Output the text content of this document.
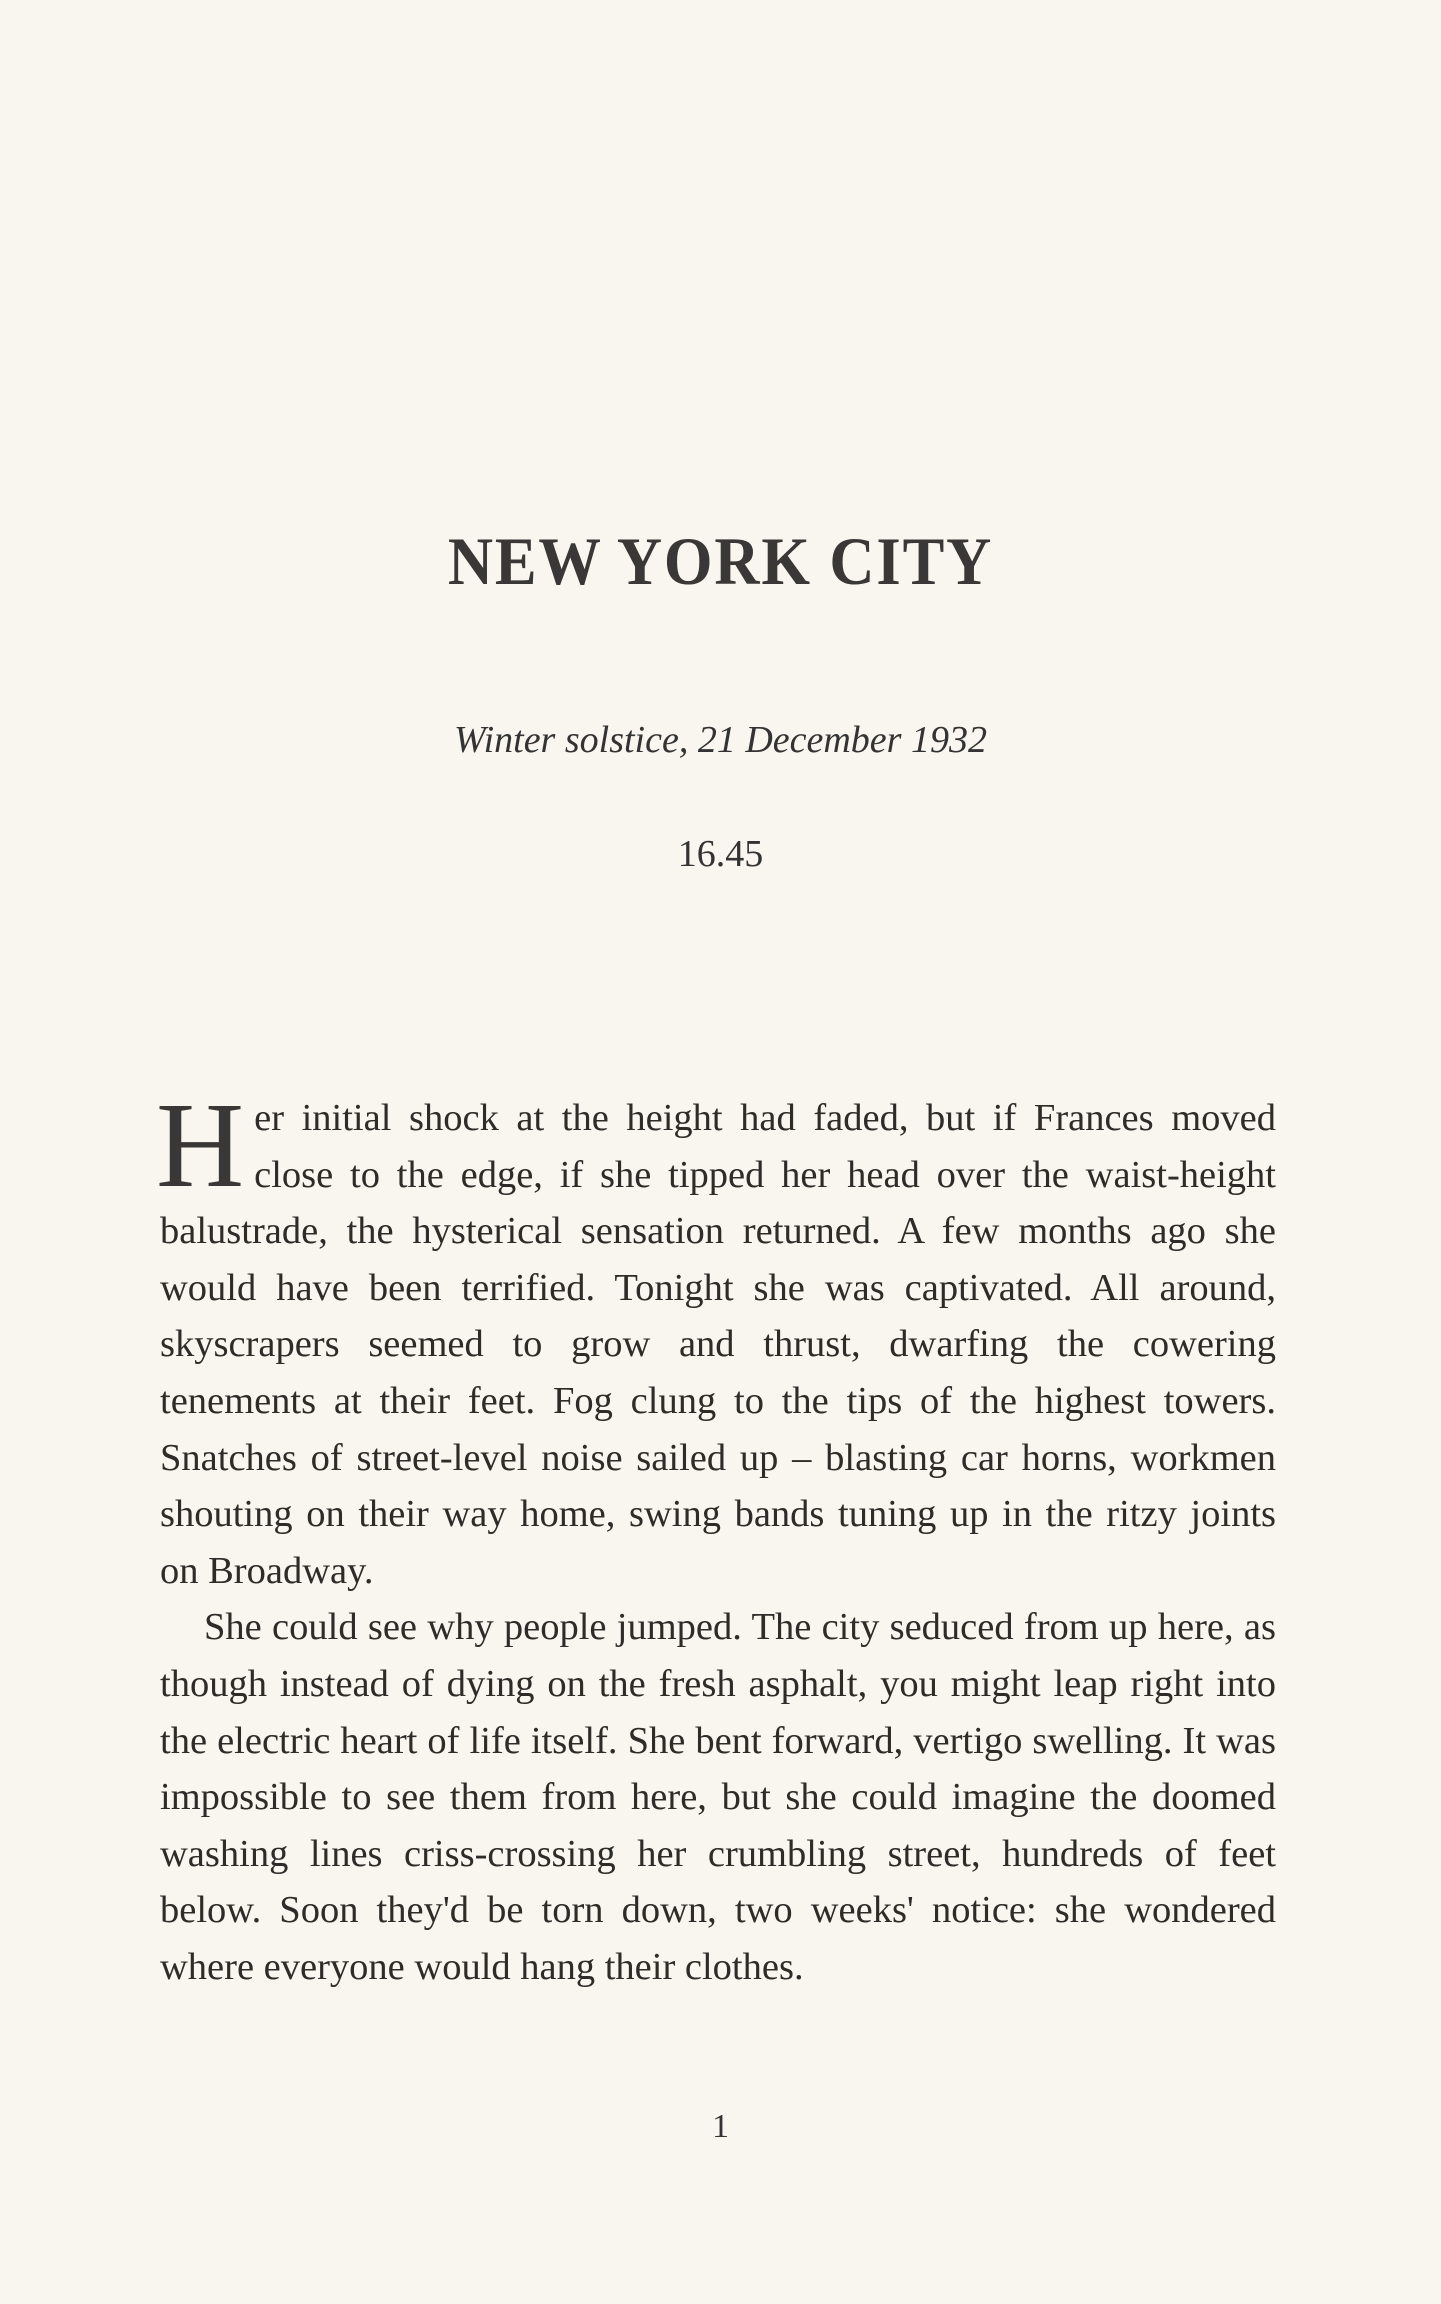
NEW YORK CITY

Winter solstice, 21 December 1932

16.45

Her initial shock at the height had faded, but if Frances moved close to the edge, if she tipped her head over the waist-height balustrade, the hysterical sensation returned. A few months ago she would have been terrified. Tonight she was captivated. All around, skyscrapers seemed to grow and thrust, dwarfing the cowering tenements at their feet. Fog clung to the tips of the highest towers. Snatches of street-level noise sailed up – blasting car horns, workmen shouting on their way home, swing bands tuning up in the ritzy joints on Broadway.

She could see why people jumped. The city seduced from up here, as though instead of dying on the fresh asphalt, you might leap right into the electric heart of life itself. She bent forward, vertigo swelling. It was impossible to see them from here, but she could imagine the doomed washing lines criss-crossing her crumbling street, hundreds of feet below. Soon they'd be torn down, two weeks' notice: she wondered where everyone would hang their clothes.

1
